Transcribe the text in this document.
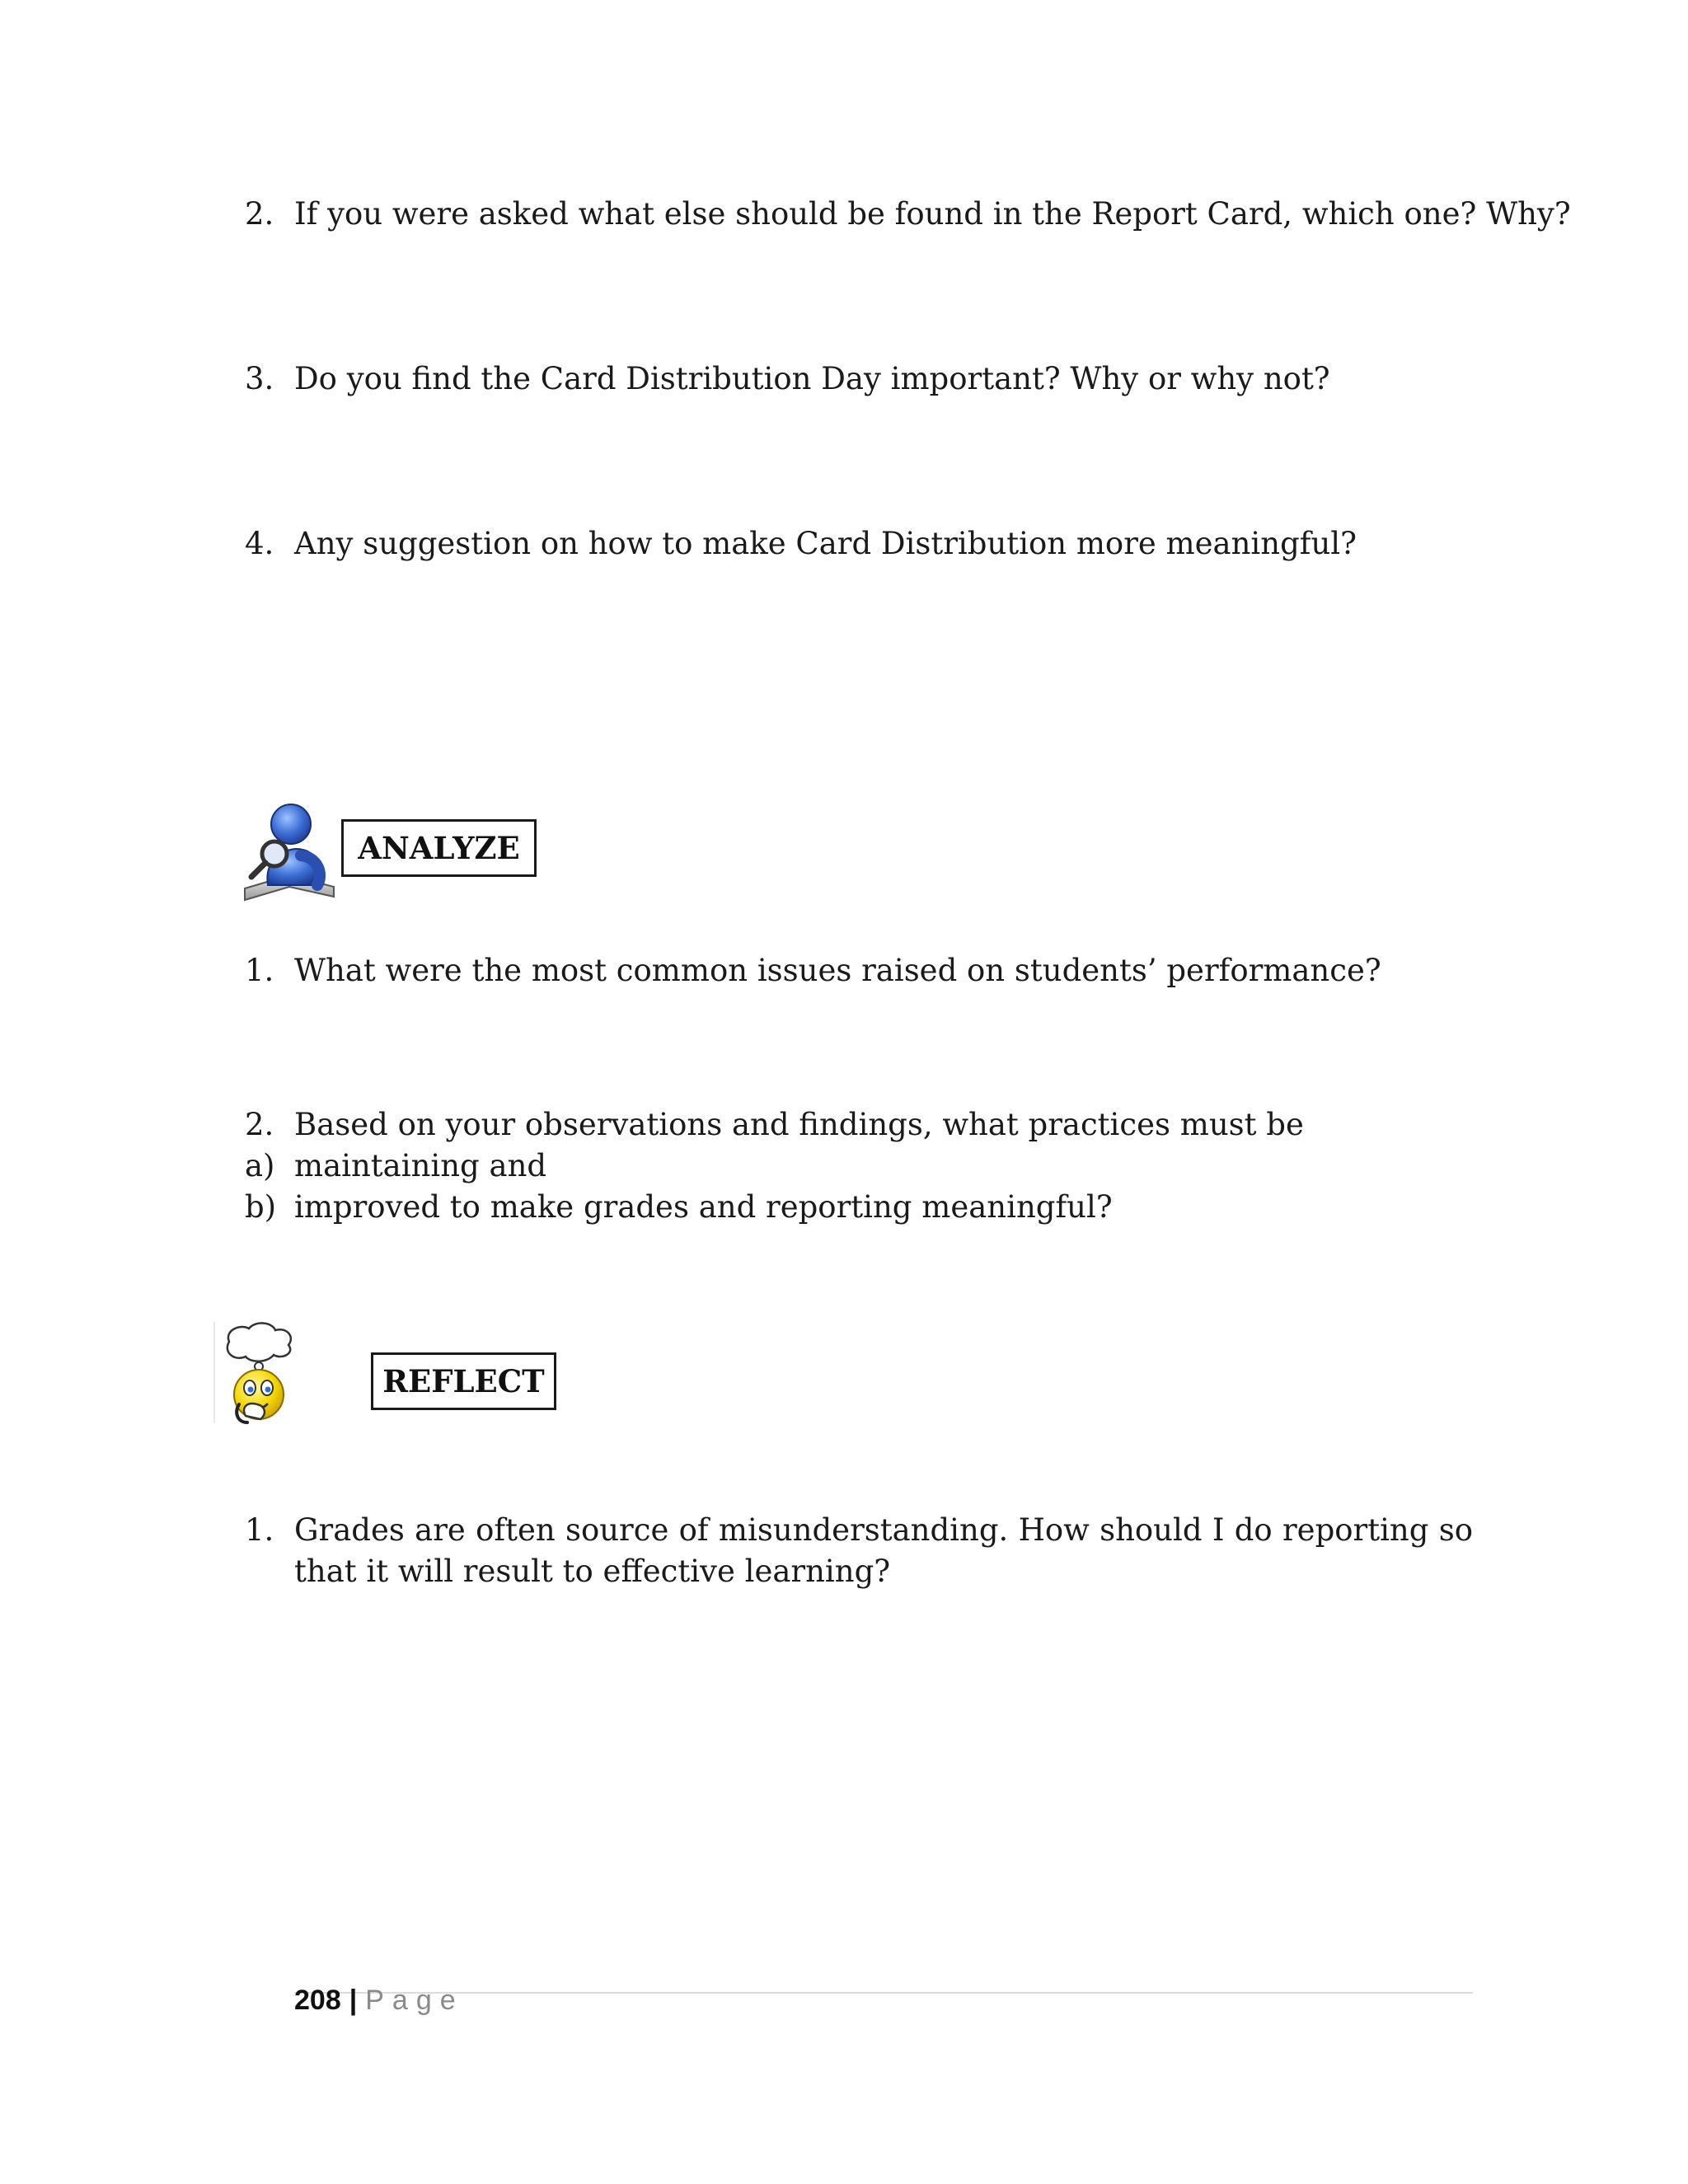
2. If you were asked what else should be found in the Report Card, which one? Why?
3. Do you find the Card Distribution Day important? Why or why not?
4. Any suggestion on how to make Card Distribution more meaningful?
ANALYZE
1. What were the most common issues raised on students’ performance?
2. Based on your observations and findings, what practices must be
a) maintaining and
b) improved to make grades and reporting meaningful?
REFLECT
1. Grades are often source of misunderstanding. How should I do reporting so that it will result to effective learning?
208 | Page
